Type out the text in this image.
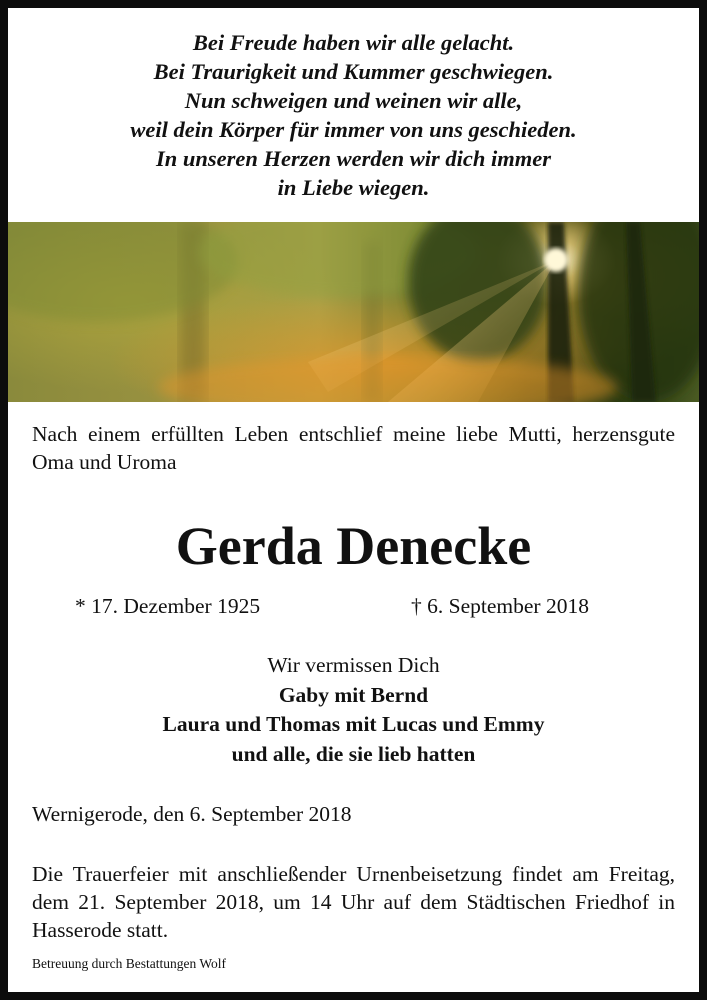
Bei Freude haben wir alle gelacht.
Bei Traurigkeit und Kummer geschwiegen.
Nun schweigen und weinen wir alle,
weil dein Körper für immer von uns geschieden.
In unseren Herzen werden wir dich immer
in Liebe wiegen.
Nach einem erfüllten Leben entschlief meine liebe Mutti, herzensgute Oma und Uroma
Gerda Denecke
* 17. Dezember 1925	† 6. September 2018
Wir vermissen Dich
Gaby mit Bernd
Laura und Thomas mit Lucas und Emmy
und alle, die sie lieb hatten
Wernigerode, den 6. September 2018
Die Trauerfeier mit anschließender Urnenbeisetzung findet am Freitag, dem 21. September 2018, um 14 Uhr auf dem Städtischen Friedhof in Hasserode statt.
Betreuung durch Bestattungen Wolf
